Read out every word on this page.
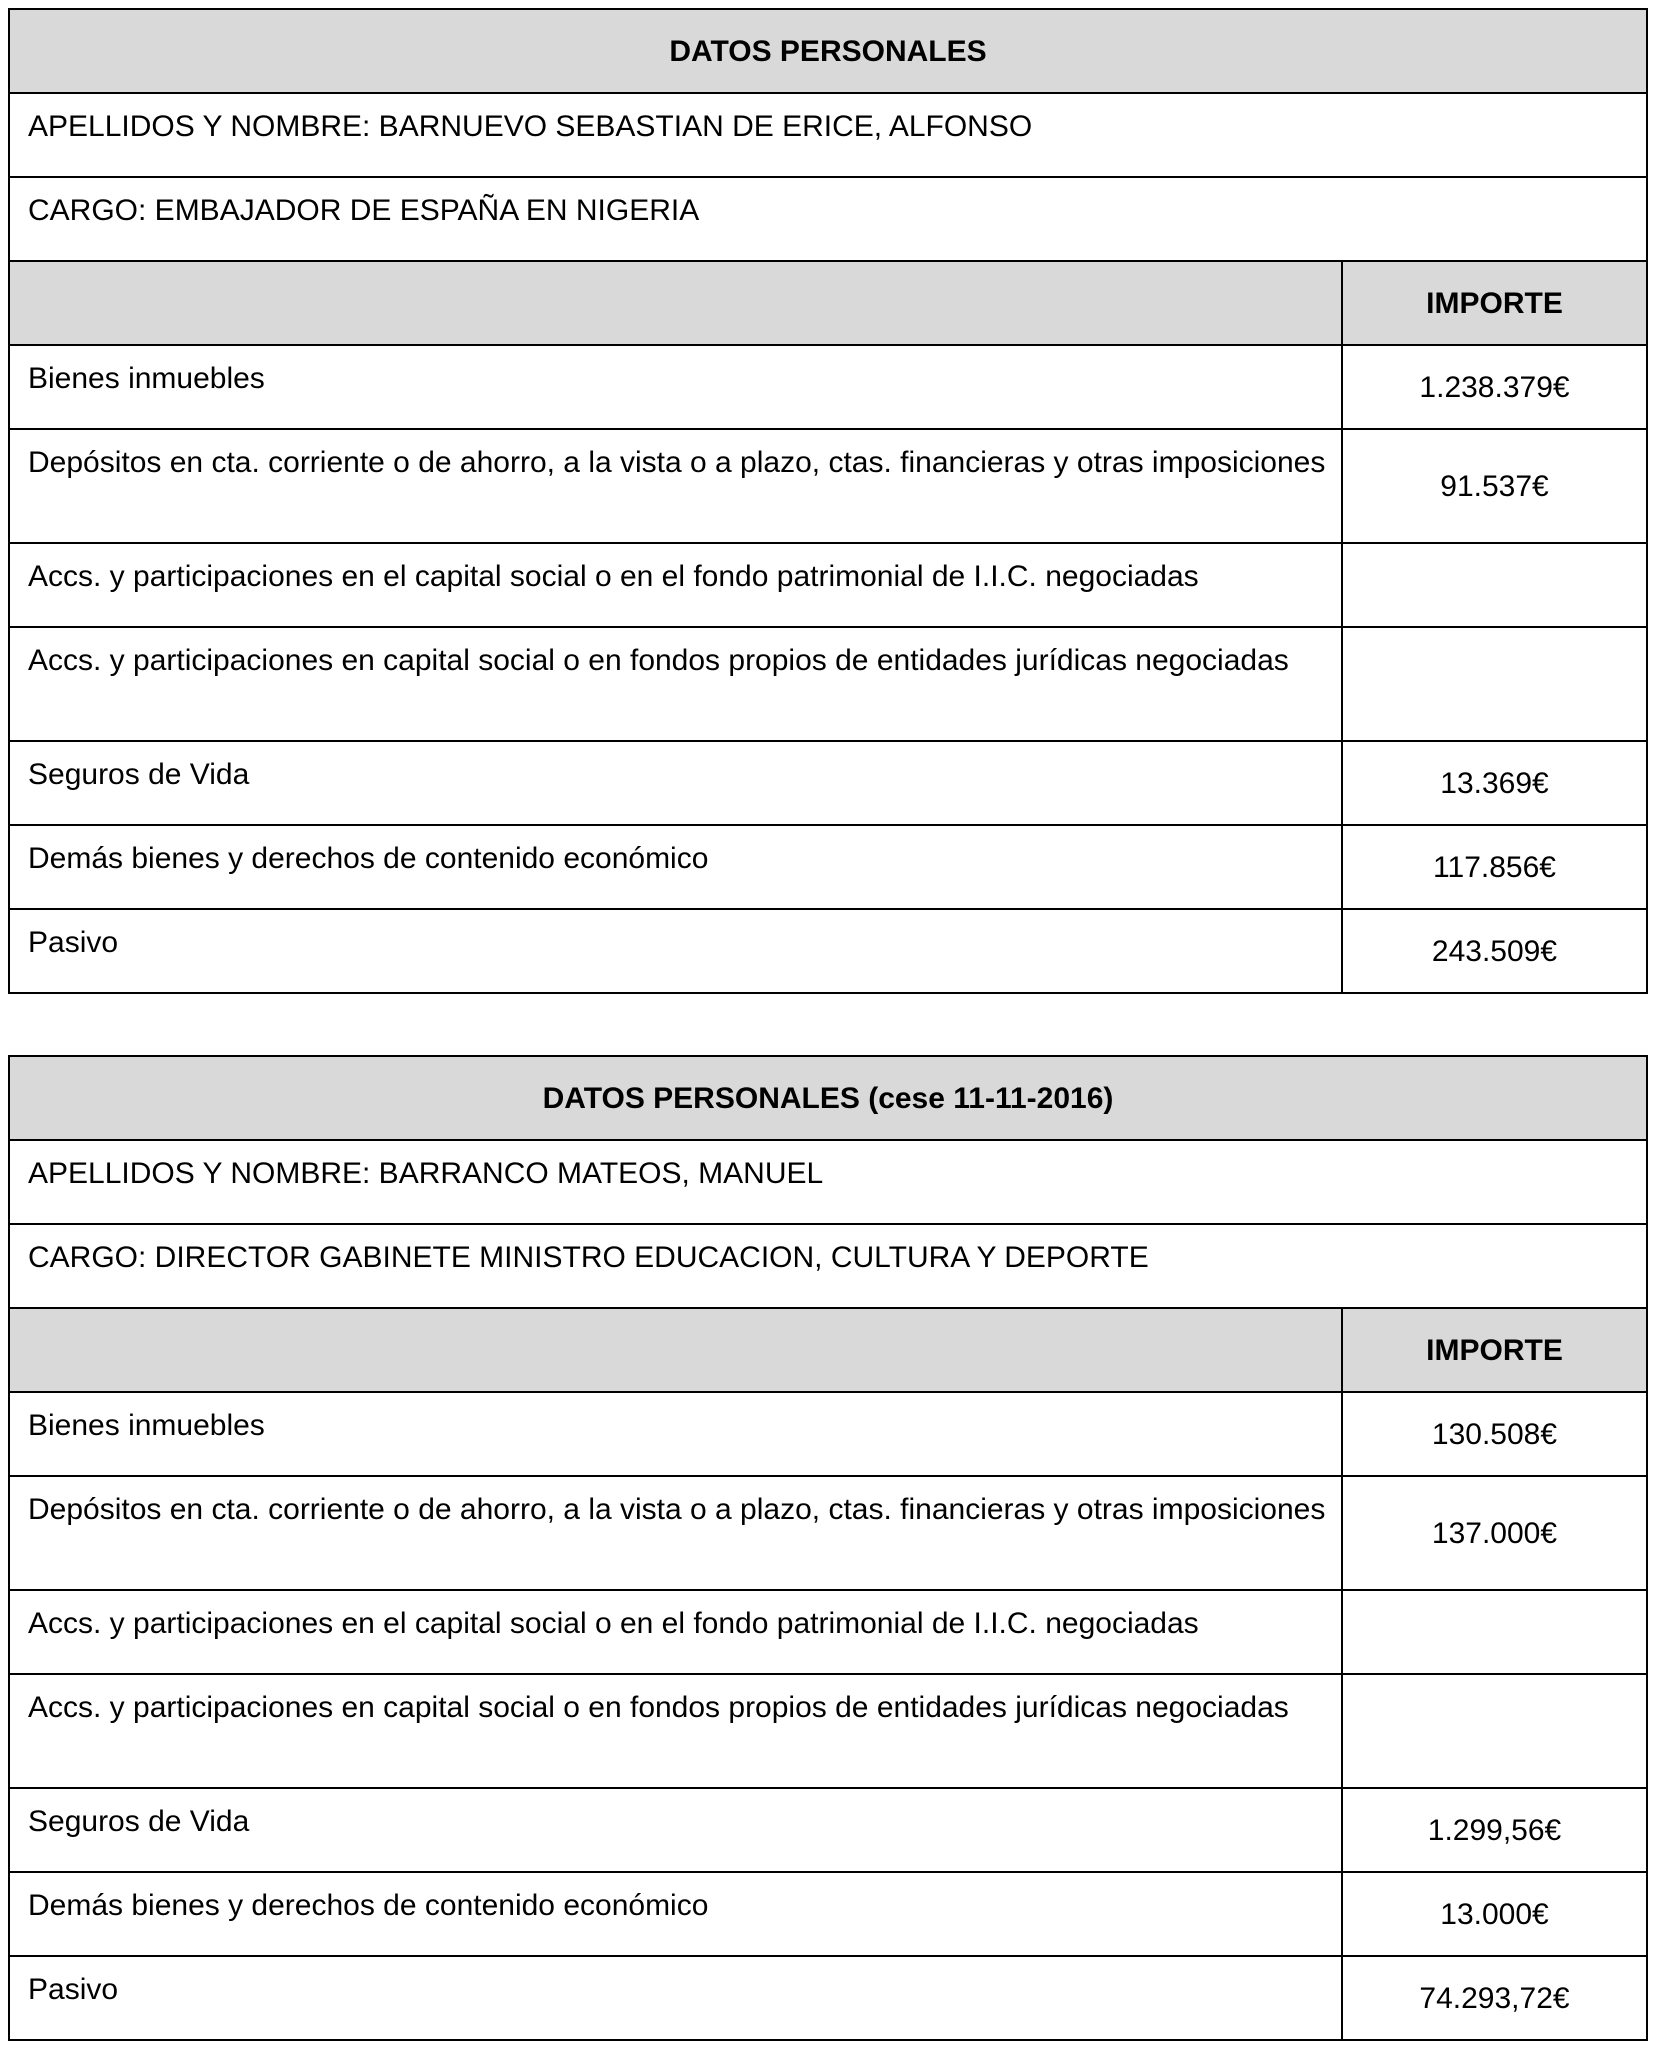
DATOS PERSONALES	
APELLIDOS Y NOMBRE: BARNUEVO SEBASTIAN DE ERICE, ALFONSO	
CARGO: EMBAJADOR DE ESPAÑA EN NIGERIA	
	IMPORTE
Bienes inmuebles	1.238.379€
Depósitos en cta. corriente o de ahorro, a la vista o a plazo, ctas. financieras y otras imposiciones	91.537€
Accs. y participaciones en el capital social o en el fondo patrimonial de I.I.C. negociadas	
Accs. y participaciones en capital social o en fondos propios de entidades jurídicas negociadas	
Seguros de Vida	13.369€
Demás bienes y derechos de contenido económico	117.856€
Pasivo	243.509€
DATOS PERSONALES (cese 11-11-2016)	
APELLIDOS Y NOMBRE: BARRANCO MATEOS, MANUEL	
CARGO: DIRECTOR GABINETE MINISTRO EDUCACION, CULTURA Y DEPORTE	
	IMPORTE
Bienes inmuebles	130.508€
Depósitos en cta. corriente o de ahorro, a la vista o a plazo, ctas. financieras y otras imposiciones	137.000€
Accs. y participaciones en el capital social o en el fondo patrimonial de I.I.C. negociadas	
Accs. y participaciones en capital social o en fondos propios de entidades jurídicas negociadas	
Seguros de Vida	1.299,56€
Demás bienes y derechos de contenido económico	13.000€
Pasivo	74.293,72€
